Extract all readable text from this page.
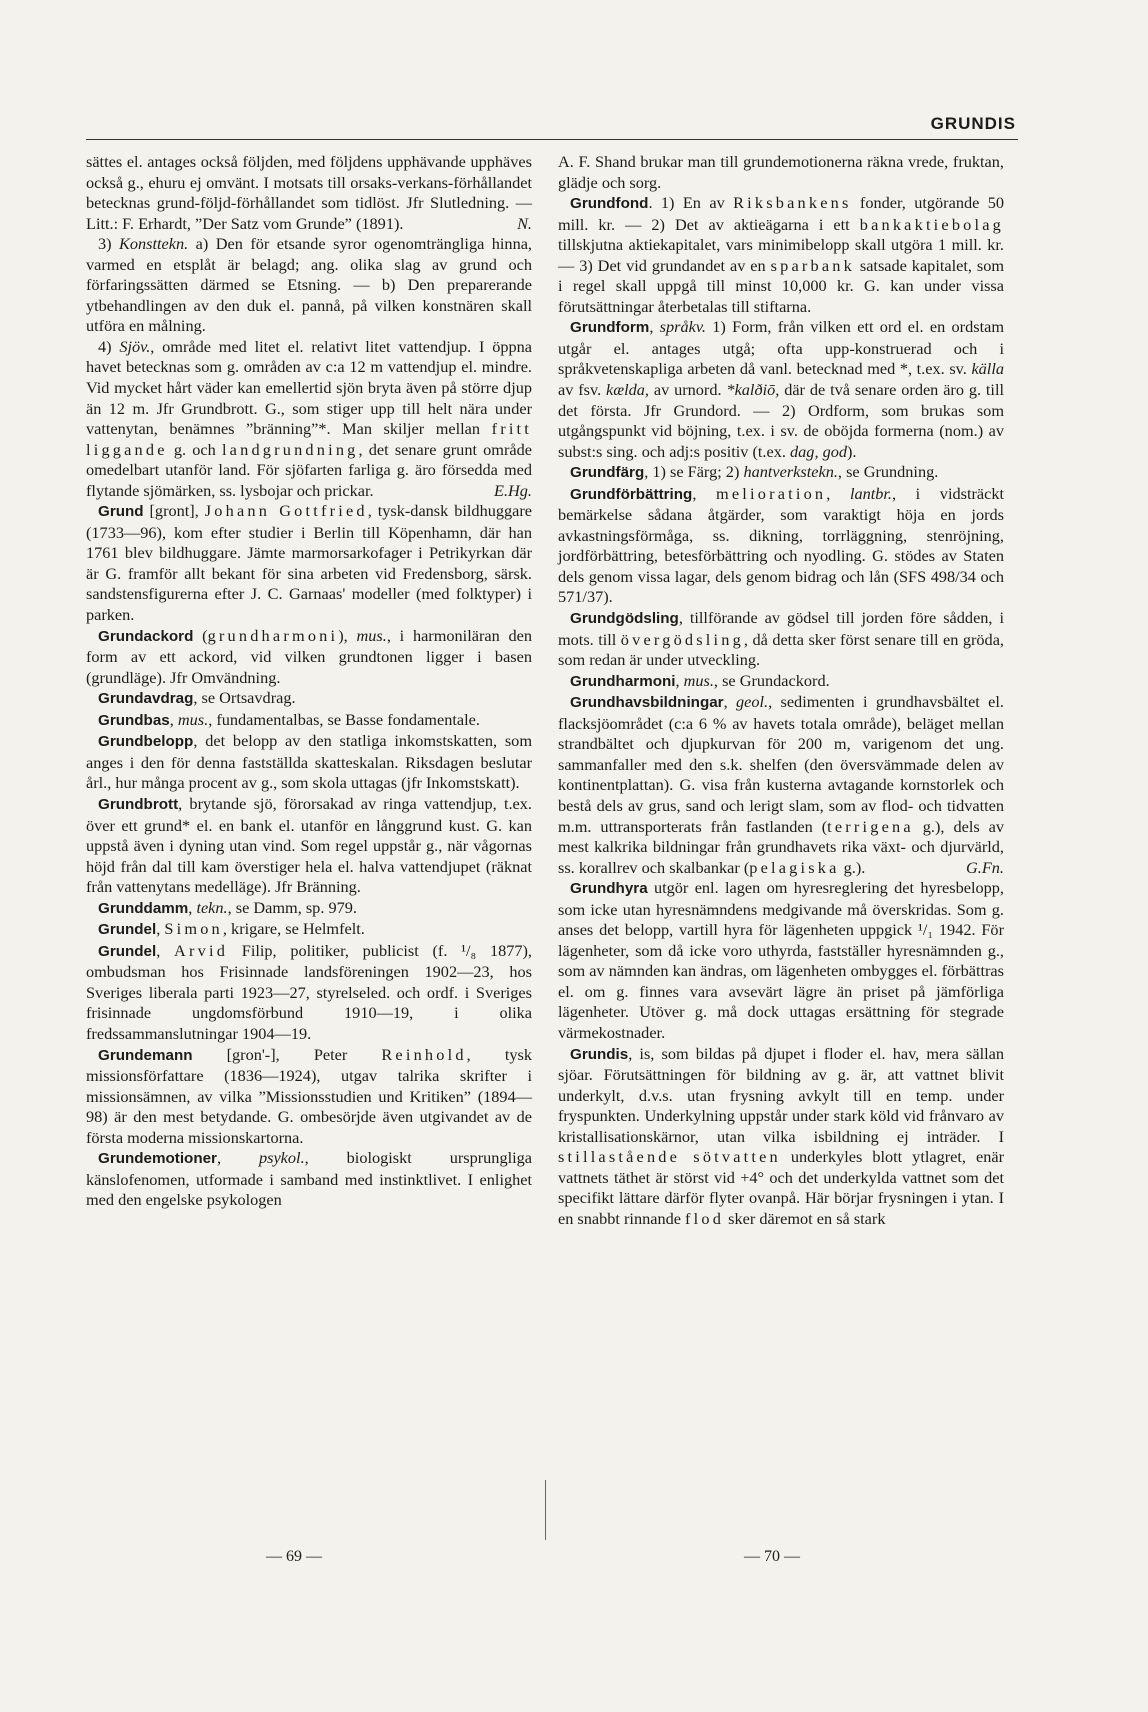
GRUNDIS

sättes el. antages också följden, med följdens upphävande upphäves också g., ehuru ej omvänt. I motsats till orsaks-verkans-förhållandet betecknas grund-följd-förhållandet som tidlöst. Jfr Slutledning. — Litt.: F. Erhardt, ”Der Satz vom Grunde” (1891).	N.

3) Konsttekn. a) Den för etsande syror ogenomträngliga hinna, varmed en etsplåt är belagd; ang. olika slag av grund och förfaringssätten därmed se Etsning. — b) Den preparerande ytbehandlingen av den duk el. pannå, på vilken konstnären skall utföra en målning.

4) Sjöv., område med litet el. relativt litet vattendjup. I öppna havet betecknas som g. områden av c:a 12 m vattendjup el. mindre. Vid mycket hårt väder kan emellertid sjön bryta även på större djup än 12 m. Jfr Grundbrott. G., som stiger upp till helt nära under vattenytan, benämnes ”bränning”*. Man skiljer mellan fritt liggande g. och landgrundning, det senare grunt område omedelbart utanför land. För sjöfarten farliga g. äro försedda med flytande sjömärken, ss. lysbojar och prickar.	E.Hg.

Grund [gront], Johann Gottfried, tysk-dansk bildhuggare (1733—96), kom efter studier i Berlin till Köpenhamn, där han 1761 blev bildhuggare. Jämte marmorsarkofager i Petrikyrkan där är G. framför allt bekant för sina arbeten vid Fredensborg, särsk. sandstensfigurerna efter J. C. Garnaas' modeller (med folktyper) i parken.

Grundackord (grundharmoni), mus., i harmoniläran den form av ett ackord, vid vilken grundtonen ligger i basen (grundläge). Jfr Omvändning.

Grundavdrag, se Ortsavdrag.

Grundbas, mus., fundamentalbas, se Basse fondamentale.

Grundbelopp, det belopp av den statliga inkomstskatten, som anges i den för denna fastställda skatteskalan. Riksdagen beslutar årl., hur många procent av g., som skola uttagas (jfr Inkomstskatt).

Grundbrott, brytande sjö, förorsakad av ringa vattendjup, t.ex. över ett grund* el. en bank el. utanför en långgrund kust. G. kan uppstå även i dyning utan vind. Som regel uppstår g., när vågornas höjd från dal till kam överstiger hela el. halva vattendjupet (räknat från vattenytans medelläge). Jfr Bränning.

Grunddamm, tekn., se Damm, sp. 979.

Grundel, Simon, krigare, se Helmfelt.

Grundel, Arvid Filip, politiker, publicist (f. ¹/₈ 1877), ombudsman hos Frisinnade landsföreningen 1902—23, hos Sveriges liberala parti 1923—27, styrelseled. och ordf. i Sveriges frisinnade ungdomsförbund 1910—19, i olika fredssammanslutningar 1904—19.

Grundemann [gron'-], Peter Reinhold, tysk missionsförfattare (1836—1924), utgav talrika skrifter i missionsämnen, av vilka ”Missionsstudien und Kritiken” (1894—98) är den mest betydande. G. ombesörjde även utgivandet av de första moderna missionskartorna.

Grundemotioner, psykol., biologiskt ursprungliga känslofenomen, utformade i samband med instinktlivet. I enlighet med den engelske psykologen

A. F. Shand brukar man till grundemotionerna räkna vrede, fruktan, glädje och sorg.

Grundfond. 1) En av Riksbankens fonder, utgörande 50 mill. kr. — 2) Det av aktieägarna i ett bankaktiebolag tillskjutna aktiekapitalet, vars minimibelopp skall utgöra 1 mill. kr. — 3) Det vid grundandet av en sparbank satsade kapitalet, som i regel skall uppgå till minst 10,000 kr. G. kan under vissa förutsättningar återbetalas till stiftarna.

Grundform, språkv. 1) Form, från vilken ett ord el. en ordstam utgår el. antages utgå; ofta upp-konstruerad och i språkvetenskapliga arbeten då vanl. betecknad med *, t.ex. sv. källa av fsv. kælda, av urnord. *kalðiō, där de två senare orden äro g. till det första. Jfr Grundord. — 2) Ordform, som brukas som utgångspunkt vid böjning, t.ex. i sv. de oböjda formerna (nom.) av subst:s sing. och adj:s positiv (t.ex. dag, god).

Grundfärg, 1) se Färg; 2) hantverkstekn., se Grundning.

Grundförbättring, melioration, lantbr., i vidsträckt bemärkelse sådana åtgärder, som varaktigt höja en jords avkastningsförmåga, ss. dikning, torrläggning, stenröjning, jordförbättring, betesförbättring och nyodling. G. stödes av Staten dels genom vissa lagar, dels genom bidrag och lån (SFS 498/34 och 571/37).

Grundgödsling, tillförande av gödsel till jorden före sådden, i mots. till övergödsling, då detta sker först senare till en gröda, som redan är under utveckling.

Grundharmoni, mus., se Grundackord.

Grundhavsbildningar, geol., sedimenten i grundhavsbältet el. flacksjöområdet (c:a 6 % av havets totala område), beläget mellan strandbältet och djupkurvan för 200 m, varigenom det ung. sammanfaller med den s.k. shelfen (den översvämmade delen av kontinentplattan). G. visa från kusterna avtagande kornstorlek och bestå dels av grus, sand och lerigt slam, som av flod- och tidvatten m.m. uttransporterats från fastlanden (terrigena g.), dels av mest kalkrika bildningar från grundhavets rika växt- och djurvärld, ss. korallrev och skalbankar (pelagiska g.).	G.Fn.

Grundhyra utgör enl. lagen om hyresreglering det hyresbelopp, som icke utan hyresnämndens medgivande må överskridas. Som g. anses det belopp, vartill hyra för lägenheten uppgick ¹/₁ 1942. För lägenheter, som då icke voro uthyrda, fastställer hyresnämnden g., som av nämnden kan ändras, om lägenheten ombygges el. förbättras el. om g. finnes vara avsevärt lägre än priset på jämförliga lägenheter. Utöver g. må dock uttagas ersättning för stegrade värmekostnader.

Grundis, is, som bildas på djupet i floder el. hav, mera sällan sjöar. Förutsättningen för bildning av g. är, att vattnet blivit underkylt, d.v.s. utan frysning avkylt till en temp. under fryspunkten. Underkylning uppstår under stark köld vid frånvaro av kristallisationskärnor, utan vilka isbildning ej inträder. I stillastående sötvatten underkyles blott ytlagret, enär vattnets täthet är störst vid +4° och det underkylda vattnet som det specifikt lättare därför flyter ovanpå. Här börjar frysningen i ytan. I en snabbt rinnande flod sker däremot en så stark

— 69 —	— 70 —
